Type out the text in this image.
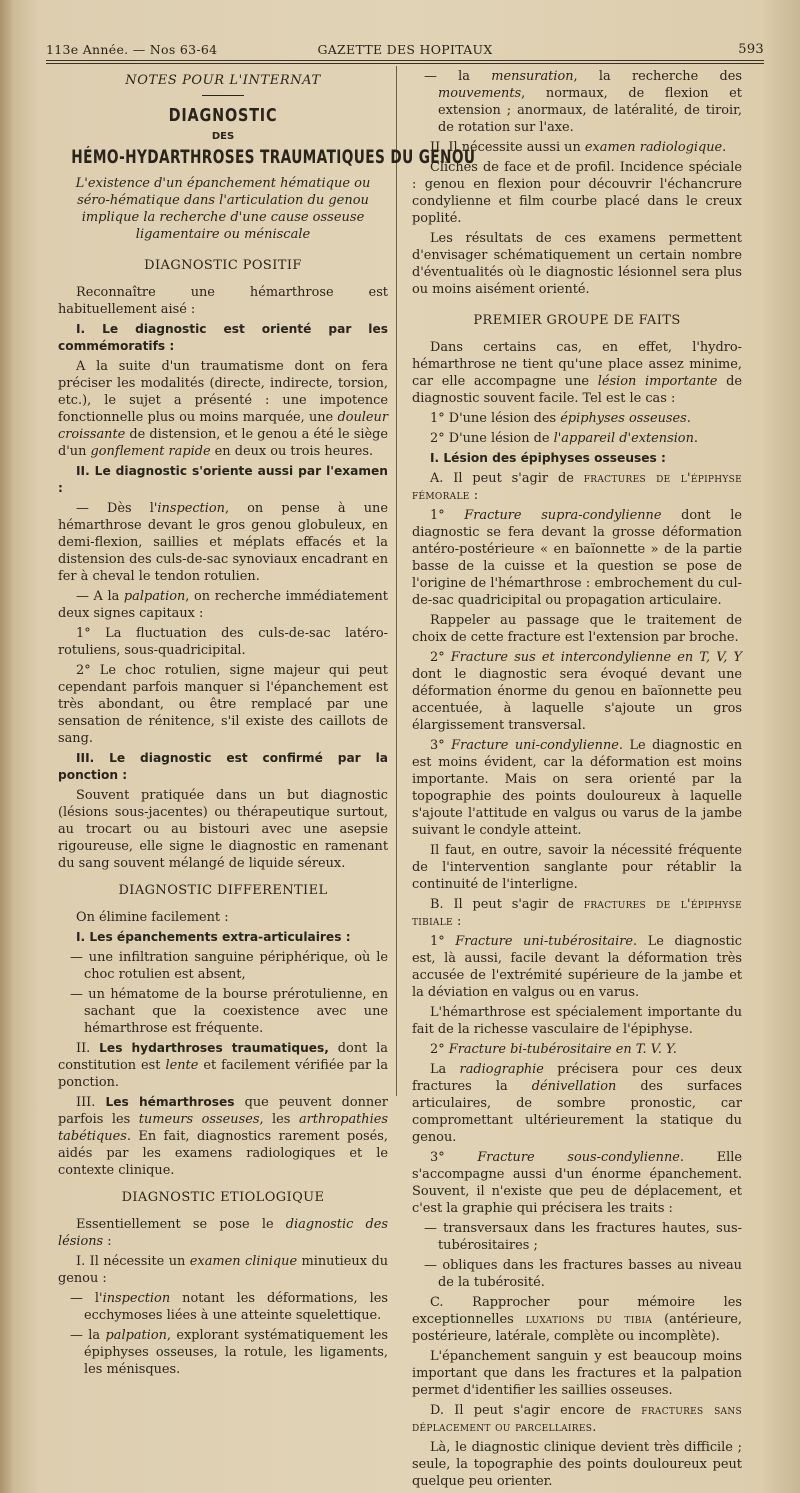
113e Année. — Nos 63-64	GAZETTE DES HOPITAUX	593
NOTES POUR L'INTERNAT
DIAGNOSTIC
DES
HÉMO-HYDARTHROSES TRAUMATIQUES DU GENOU
L'existence d'un épanchement hématique ou séro-hématique dans l'articulation du genou
implique la recherche d'une cause osseuse ligamentaire ou méniscale
DIAGNOSTIC POSITIF

Reconnaître une hémarthrose est habituellement aisé :

I. Le diagnostic est orienté par les commémoratifs :

A la suite d'un traumatisme dont on fera préciser les modalités (directe, indirecte, torsion, etc.), le sujet a présenté : une impotence fonctionnelle plus ou moins marquée, une douleur croissante de distension, et le genou a été le siège d'un gonflement rapide en deux ou trois heures.

II. Le diagnostic s'oriente aussi par l'examen :

— Dès l'inspection, on pense à une hémarthrose devant le gros genou globuleux, en demi-flexion, saillies et méplats effacés et la distension des culs-de-sac synoviaux encadrant en fer à cheval le tendon rotulien.

— A la palpation, on recherche immédiatement deux signes capitaux :

1° La fluctuation des culs-de-sac latéro-rotuliens, sous-quadricipital.

2° Le choc rotulien, signe majeur qui peut cependant parfois manquer si l'épanchement est très abondant, ou être remplacé par une sensation de rénitence, s'il existe des caillots de sang.

III. Le diagnostic est confirmé par la ponction :

Souvent pratiquée dans un but diagnostic (lésions sous-jacentes) ou thérapeutique surtout, au trocart ou au bistouri avec une asepsie rigoureuse, elle signe le diagnostic en ramenant du sang souvent mélangé de liquide séreux.

DIAGNOSTIC DIFFERENTIEL

On élimine facilement :

I. Les épanchements extra-articulaires :

— une infiltration sanguine périphérique, où le choc rotulien est absent,

— un hématome de la bourse prérotulienne, en sachant que la coexistence avec une hémarthrose est fréquente.

II. Les hydarthroses traumatiques, dont la constitution est lente et facilement vérifiée par la ponction.

III. Les hémarthroses que peuvent donner parfois les tumeurs osseuses, les arthropathies tabétiques. En fait, diagnostics rarement posés, aidés par les examens radiologiques et le contexte clinique.

DIAGNOSTIC ETIOLOGIQUE

Essentiellement se pose le diagnostic des lésions :

I. Il nécessite un examen clinique minutieux du genou :

— l'inspection notant les déformations, les ecchymoses liées à une atteinte squelettique.

— la palpation, explorant systématiquement les épiphyses osseuses, la rotule, les ligaments, les ménisques.

— la mensuration, la recherche des mouvements, normaux, de flexion et extension ; anormaux, de latéralité, de tiroir, de rotation sur l'axe.

II. Il nécessite aussi un examen radiologique.

Clichés de face et de profil. Incidence spéciale : genou en flexion pour découvrir l'échancrure condylienne et film courbe placé dans le creux poplité.

Les résultats de ces examens permettent d'envisager schématiquement un certain nombre d'éventualités où le diagnostic lésionnel sera plus ou moins aisément orienté.

PREMIER GROUPE DE FAITS

Dans certains cas, en effet, l'hydro-hémarthrose ne tient qu'une place assez minime, car elle accompagne une lésion importante de diagnostic souvent facile. Tel est le cas :

1° D'une lésion des épiphyses osseuses.

2° D'une lésion de l'appareil d'extension.

I. Lésion des épiphyses osseuses :

A. Il peut s'agir de fractures de l'épiphyse fémorale :

1° Fracture supra-condylienne dont le diagnostic se fera devant la grosse déformation antéro-postérieure « en baïonnette » de la partie basse de la cuisse et la question se pose de l'origine de l'hémarthrose : embrochement du cul-de-sac quadricipital ou propagation articulaire.

Rappeler au passage que le traitement de choix de cette fracture est l'extension par broche.

2° Fracture sus et intercondylienne en T, V, Y dont le diagnostic sera évoqué devant une déformation énorme du genou en baïonnette peu accentuée, à laquelle s'ajoute un gros élargissement transversal.

3° Fracture uni-condylienne. Le diagnostic en est moins évident, car la déformation est moins importante. Mais on sera orienté par la topographie des points douloureux à laquelle s'ajoute l'attitude en valgus ou varus de la jambe suivant le condyle atteint.

Il faut, en outre, savoir la nécessité fréquente de l'intervention sanglante pour rétablir la continuité de l'interligne.

B. Il peut s'agir de fractures de l'épiphyse tibiale :

1° Fracture uni-tubérositaire. Le diagnostic est, là aussi, facile devant la déformation très accusée de l'extrémité supérieure de la jambe et la déviation en valgus ou en varus.

L'hémarthrose est spécialement importante du fait de la richesse vasculaire de l'épiphyse.

2° Fracture bi-tubérositaire en T. V. Y.

La radiographie précisera pour ces deux fractures la dénivellation des surfaces articulaires, de sombre pronostic, car compromettant ultérieurement la statique du genou.

3° Fracture sous-condylienne. Elle s'accompagne aussi d'un énorme épanchement. Souvent, il n'existe que peu de déplacement, et c'est la graphie qui précisera les traits :

— transversaux dans les fractures hautes, sus-tubérositaires ;

— obliques dans les fractures basses au niveau de la tubérosité.

C. Rapprocher pour mémoire les exceptionnelles luxations du tibia (antérieure, postérieure, latérale, complète ou incomplète).

L'épanchement sanguin y est beaucoup moins important que dans les fractures et la palpation permet d'identifier les saillies osseuses.

D. Il peut s'agir encore de fractures sans déplacement ou parcellaires.

Là, le diagnostic clinique devient très difficile ; seule, la topographie des points douloureux peut quelque peu orienter.
